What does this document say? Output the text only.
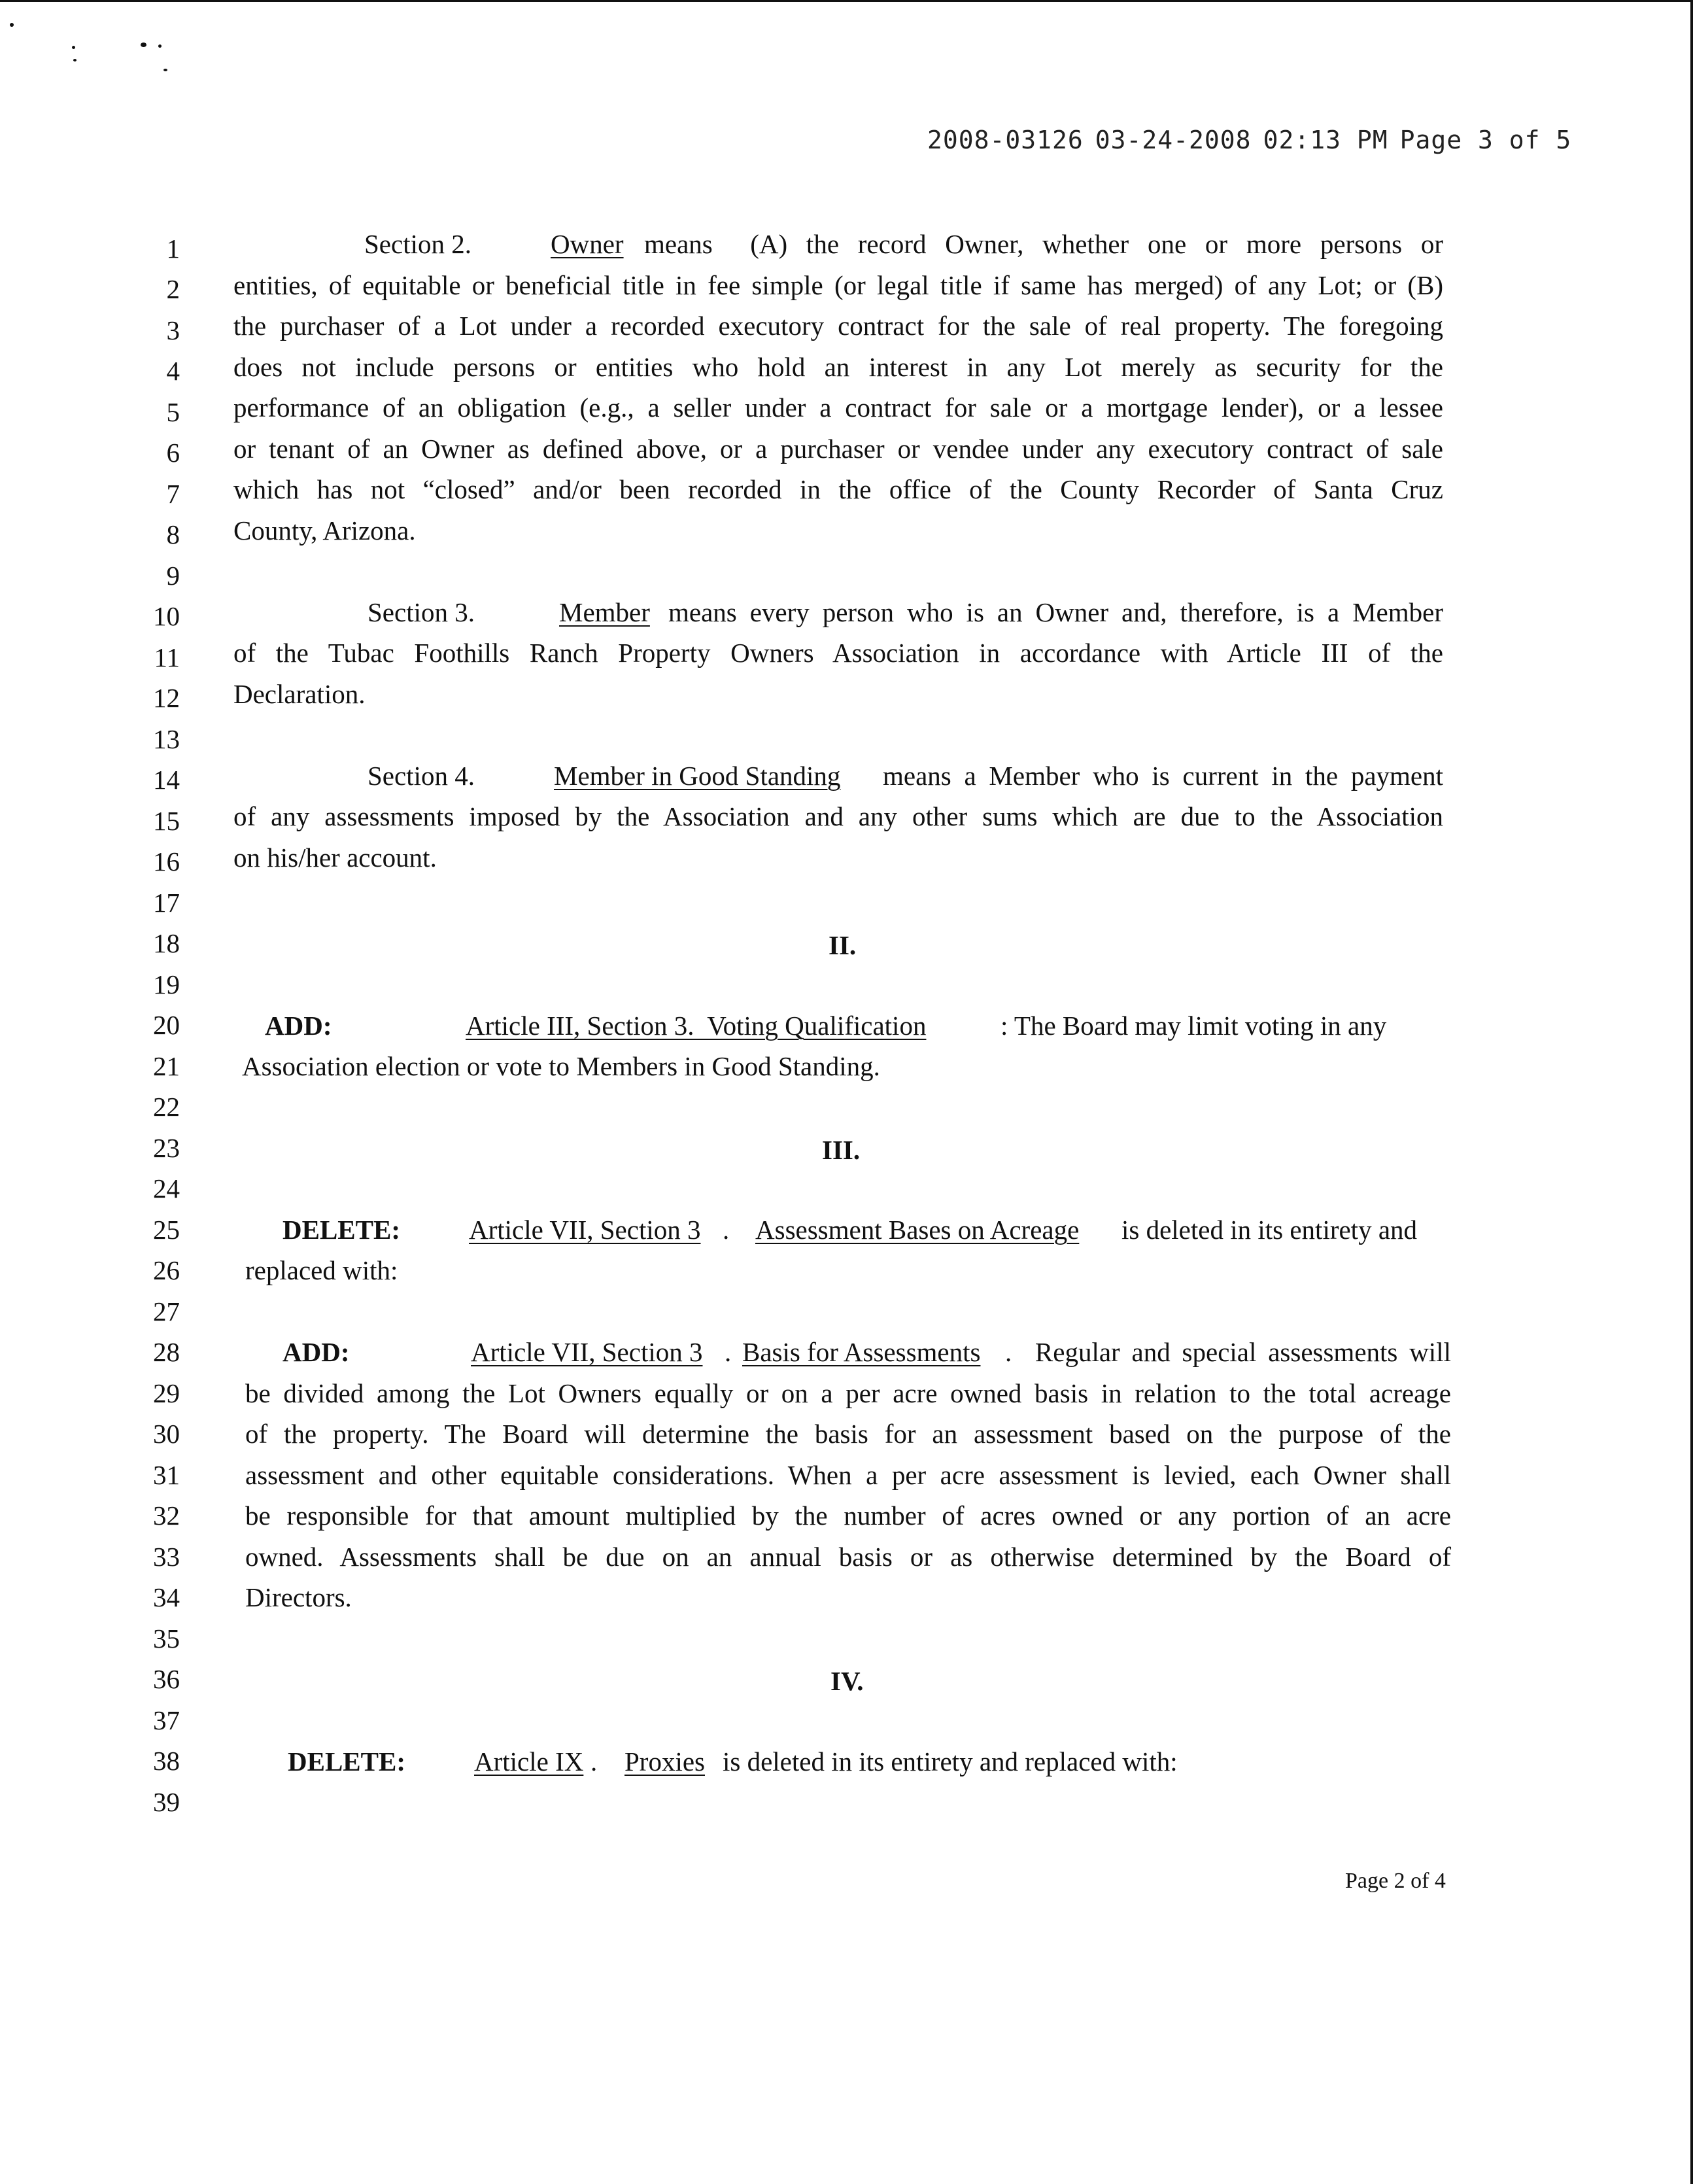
2008-03126 03-24-2008 02:13 PM Page 3 of 5
1
2
3
4
5
6
7
8
9
10
11
12
13
14
15
16
17
18
19
20
21
22
23
24
25
26
27
28
29
30
31
32
33
34
35
36
37
38
39
Section 2.	Owner means  (A) the record Owner, whether one or more persons or
entities, of equitable or beneficial title in fee simple (or legal title if same has merged) of any Lot; or (B)
the purchaser of a Lot under a recorded executory contract for the sale of real property. The foregoing
does not include persons or entities who hold an interest in any Lot merely as security for the
performance of an obligation (e.g., a seller under a contract for sale or a mortgage lender), or a lessee
or tenant of an Owner as defined above, or a purchaser or vendee under any executory contract of sale
which has not “closed” and/or been recorded in the office of the County Recorder of Santa Cruz
County, Arizona.
Section 3.	Member means every person who is an Owner and, therefore, is a Member
of the Tubac Foothills Ranch Property Owners Association in accordance with Article III of the
Declaration.
Section 4.	Member in Good Standing means a Member who is current in the payment
of any assessments imposed by the Association and any other sums which are due to the Association
on his/her account.
II.
ADD:	Article III, Section 3.  Voting Qualification	: The Board may limit voting in any
Association election or vote to Members in Good Standing.
III.
DELETE:	Article VII, Section 3 . Assessment Bases on Acreage is deleted in its entirety and
replaced with:
ADD:	Article VII, Section 3 . Basis for Assessments .  Regular and special assessments will
be divided among the Lot Owners equally or on a per acre owned basis in relation to the total acreage
of the property. The Board will determine the basis for an assessment based on the purpose of the
assessment and other equitable considerations. When a per acre assessment is levied, each Owner shall
be responsible for that amount multiplied by the number of acres owned or any portion of an acre
owned. Assessments shall be due on an annual basis or as otherwise determined by the Board of
Directors.
IV.
DELETE:	Article IX . Proxies is deleted in its entirety and replaced with:
Page 2 of 4
